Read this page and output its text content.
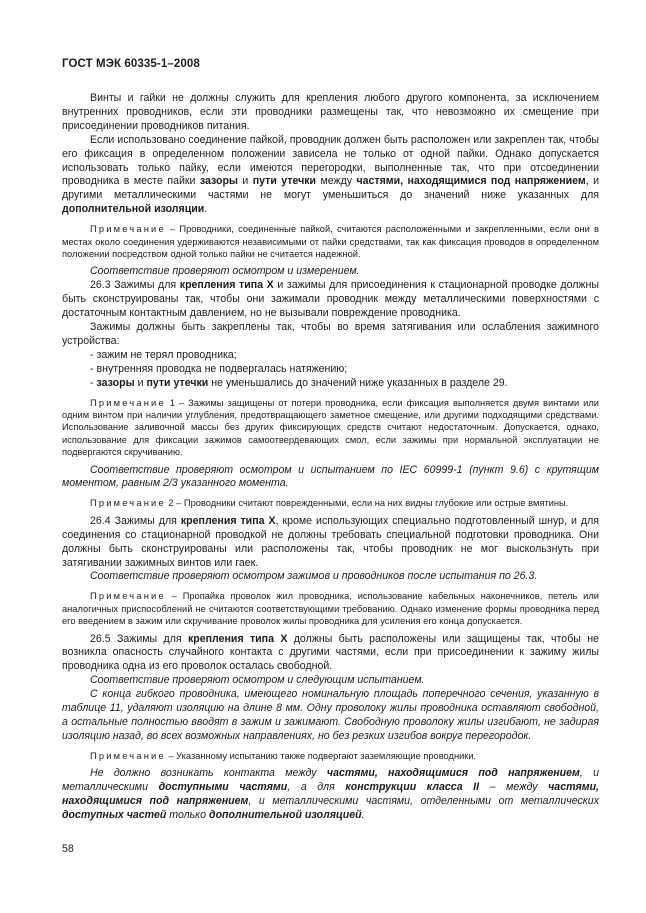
ГОСТ МЭК 60335-1–2008

Винты и гайки не должны служить для крепления любого другого компонента, за исключением внутренних проводников, если эти проводники размещены так, что невозможно их смещение при присоединении проводников питания.

Если использовано соединение пайкой, проводник должен быть расположен или закреплен так, чтобы его фиксация в определенном положении зависела не только от одной пайки. Однако допускается использовать только пайку, если имеются перегородки, выполненные так, что при отсоединении проводника в месте пайки зазоры и пути утечки между частями, находящимися под напряжением, и другими металлическими частями не могут уменьшиться до значений ниже указанных для дополнительной изоляции.

Примечание – Проводники, соединенные пайкой, считаются расположенными и закрепленными, если они в местах около соединения удерживаются независимыми от пайки средствами, так как фиксация проводов в определенном положении посредством одной только пайки не считается надежной.

Соответствие проверяют осмотром и измерением.

26.3 Зажимы для крепления типа X и зажимы для присоединения к стационарной проводке должны быть сконструированы так, чтобы они зажимали проводник между металлическими поверхностями с достаточным контактным давлением, но не вызывали повреждение проводника.

Зажимы должны быть закреплены так, чтобы во время затягивания или ослабления зажимного устройства:

- зажим не терял проводника;

- внутренняя проводка не подвергалась натяжению;

- зазоры и пути утечки не уменьшались до значений ниже указанных в разделе 29.

Примечание 1 – Зажимы защищены от потери проводника, если фиксация выполняется двумя винтами или одним винтом при наличии углубления, предотвращающего заметное смещение, или другими подходящими средствами. Использование заливочной массы без других фиксирующих средств считают недостаточным. Допускается, однако, использование для фиксации зажимов самоотвердевающих смол, если зажимы при нормальной эксплуатации не подвергаются скручиванию.

Соответствие проверяют осмотром и испытанием по IEC 60999-1 (пункт 9.6) с крутящим моментом, равным 2/3 указанного момента.

Примечание 2 – Проводники считают поврежденными, если на них видны глубокие или острые вмятины.

26.4 Зажимы для крепления типа X, кроме использующих специально подготовленный шнур, и для соединения со стационарной проводкой не должны требовать специальной подготовки проводника. Они должны быть сконструированы или расположены так, чтобы проводник не мог выскользнуть при затягивании зажимных винтов или гаек.

Соответствие проверяют осмотром зажимов и проводников после испытания по 26.3.

Примечание – Пропайка проволок жил проводника, использование кабельных наконечников, петель или аналогичных приспособлений не считаются соответствующими требованию. Однако изменение формы проводника перед его введением в зажим или скручивание проволок жилы проводника для усиления его конца допускается.

26.5 Зажимы для крепления типа X должны быть расположены или защищены так, чтобы не возникла опасность случайного контакта с другими частями, если при присоединении к зажиму жилы проводника одна из его проволок осталась свободной.

Соответствие проверяют осмотром и следующим испытанием.

С конца гибкого проводника, имеющего номинальную площадь поперечного сечения, указанную в таблице 11, удаляют изоляцию на длине 8 мм. Одну проволоку жилы проводника оставляют свободной, а остальные полностью вводят в зажим и зажимают. Свободную проволоку жилы изгибают, не задирая изоляцию назад, во всех возможных направлениях, но без резких изгибов вокруг перегородок.

Примечание – Указанному испытанию также подвергают заземляющие проводники.

Не должно возникать контакта между частями, находящимися под напряжением, и металлическими доступными частями, а для конструкции класса II – между частями, находящимися под напряжением, и металлическими частями, отделенными от металлических доступных частей только дополнительной изоляцией.

58
